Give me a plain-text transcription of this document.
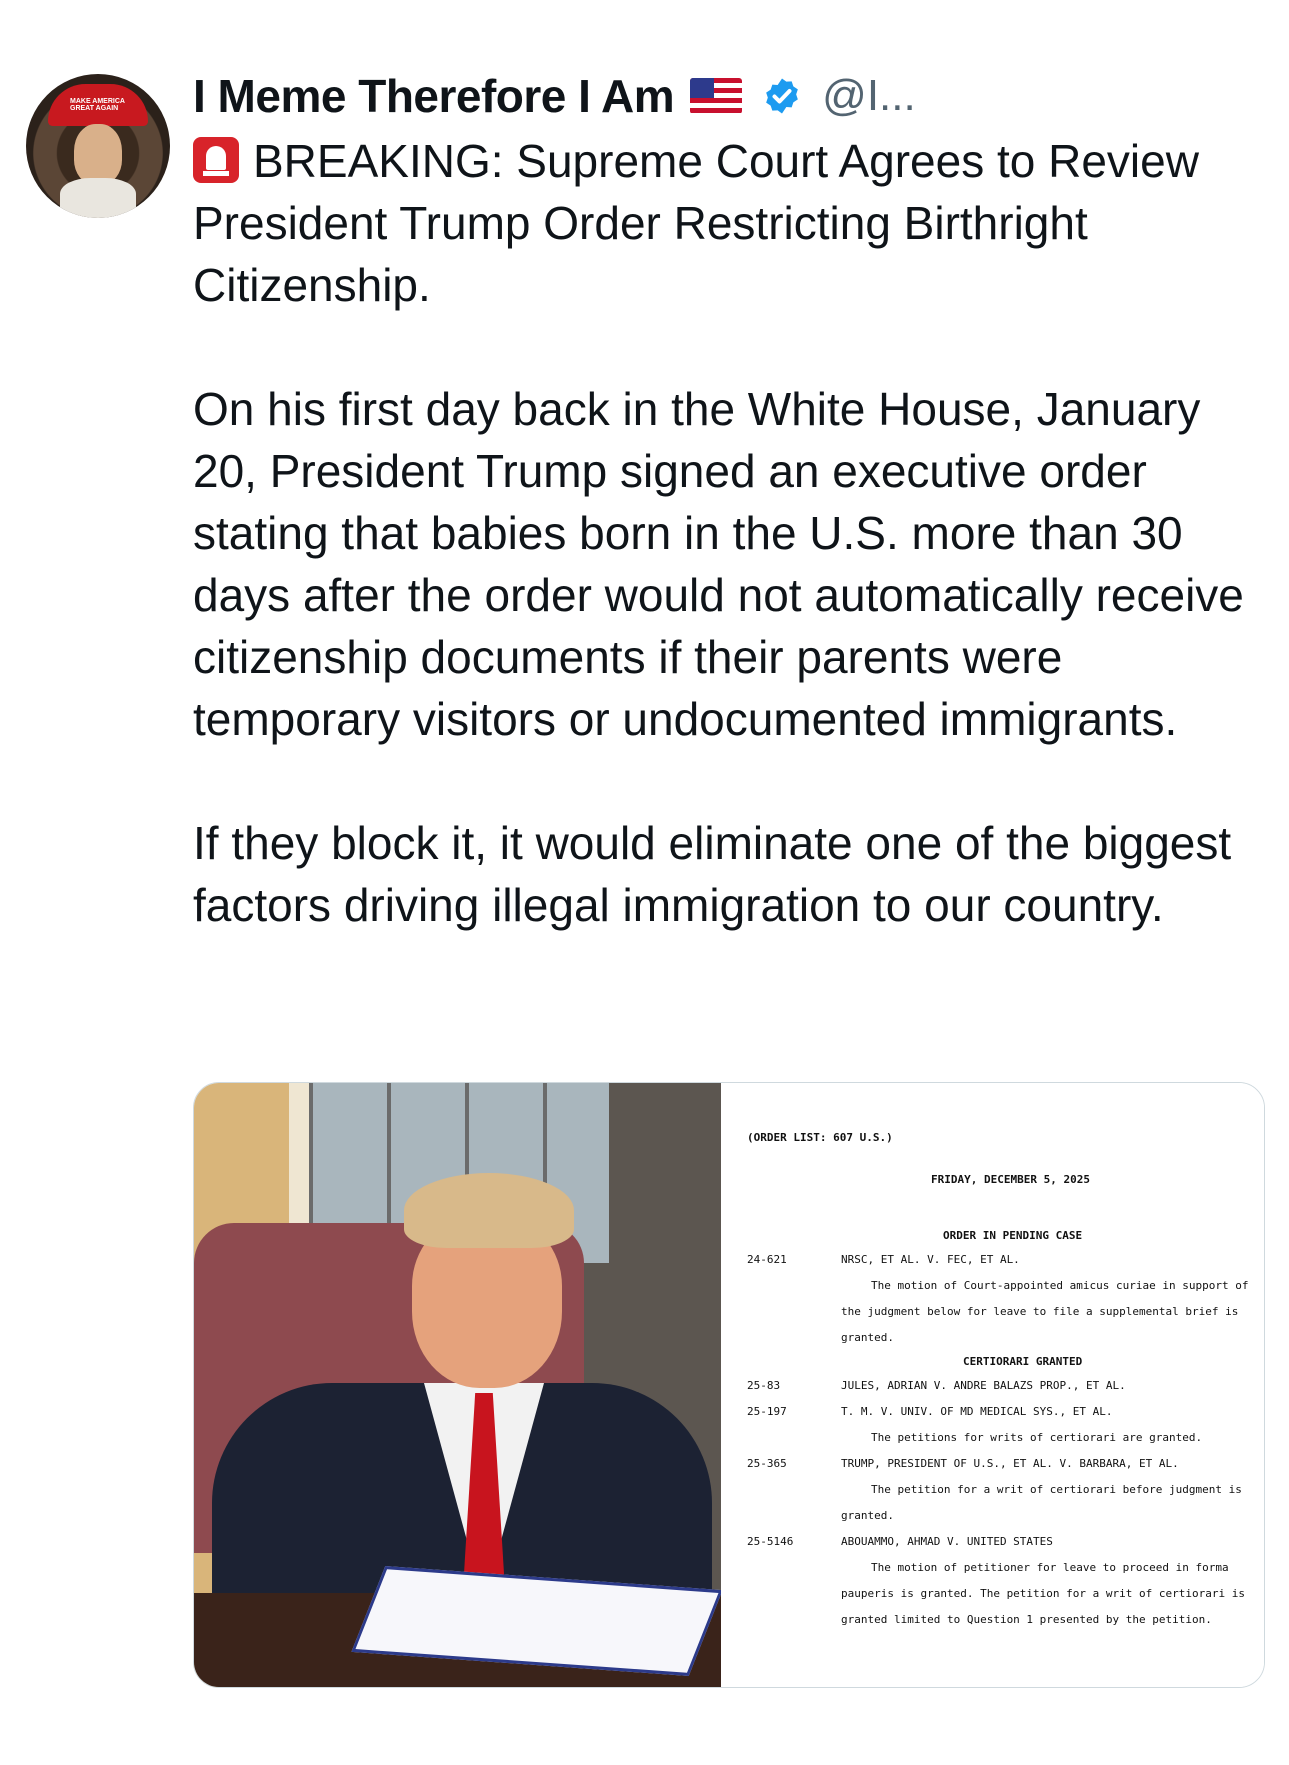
MAKE AMERICA GREAT AGAIN	I Meme Therefore I Am	@I...

BREAKING: Supreme Court Agrees to Review President Trump Order Restricting Birthright Citizenship.

On his first day back in the White House, January 20, President Trump signed an executive order stating that babies born in the U.S. more than 30 days after the order would not automatically receive citizenship documents if their parents were temporary visitors or undocumented immigrants.

If they block it, it would eliminate one of the biggest factors driving illegal immigration to our country.

(ORDER LIST: 607 U.S.)
FRIDAY, DECEMBER 5, 2025
ORDER IN PENDING CASE
24-621	NRSC, ET AL. V. FEC, ET AL.
The motion of Court-appointed amicus curiae in support of
the judgment below for leave to file a supplemental brief is
granted.
CERTIORARI GRANTED
25-83	JULES, ADRIAN V. ANDRE BALAZS PROP., ET AL.
25-197	T. M. V. UNIV. OF MD MEDICAL SYS., ET AL.
The petitions for writs of certiorari are granted.
25-365	TRUMP, PRESIDENT OF U.S., ET AL. V. BARBARA, ET AL.
The petition for a writ of certiorari before judgment is
granted.
25-5146	ABOUAMMO, AHMAD V. UNITED STATES
The motion of petitioner for leave to proceed in forma
pauperis is granted. The petition for a writ of certiorari is
granted limited to Question 1 presented by the petition.
